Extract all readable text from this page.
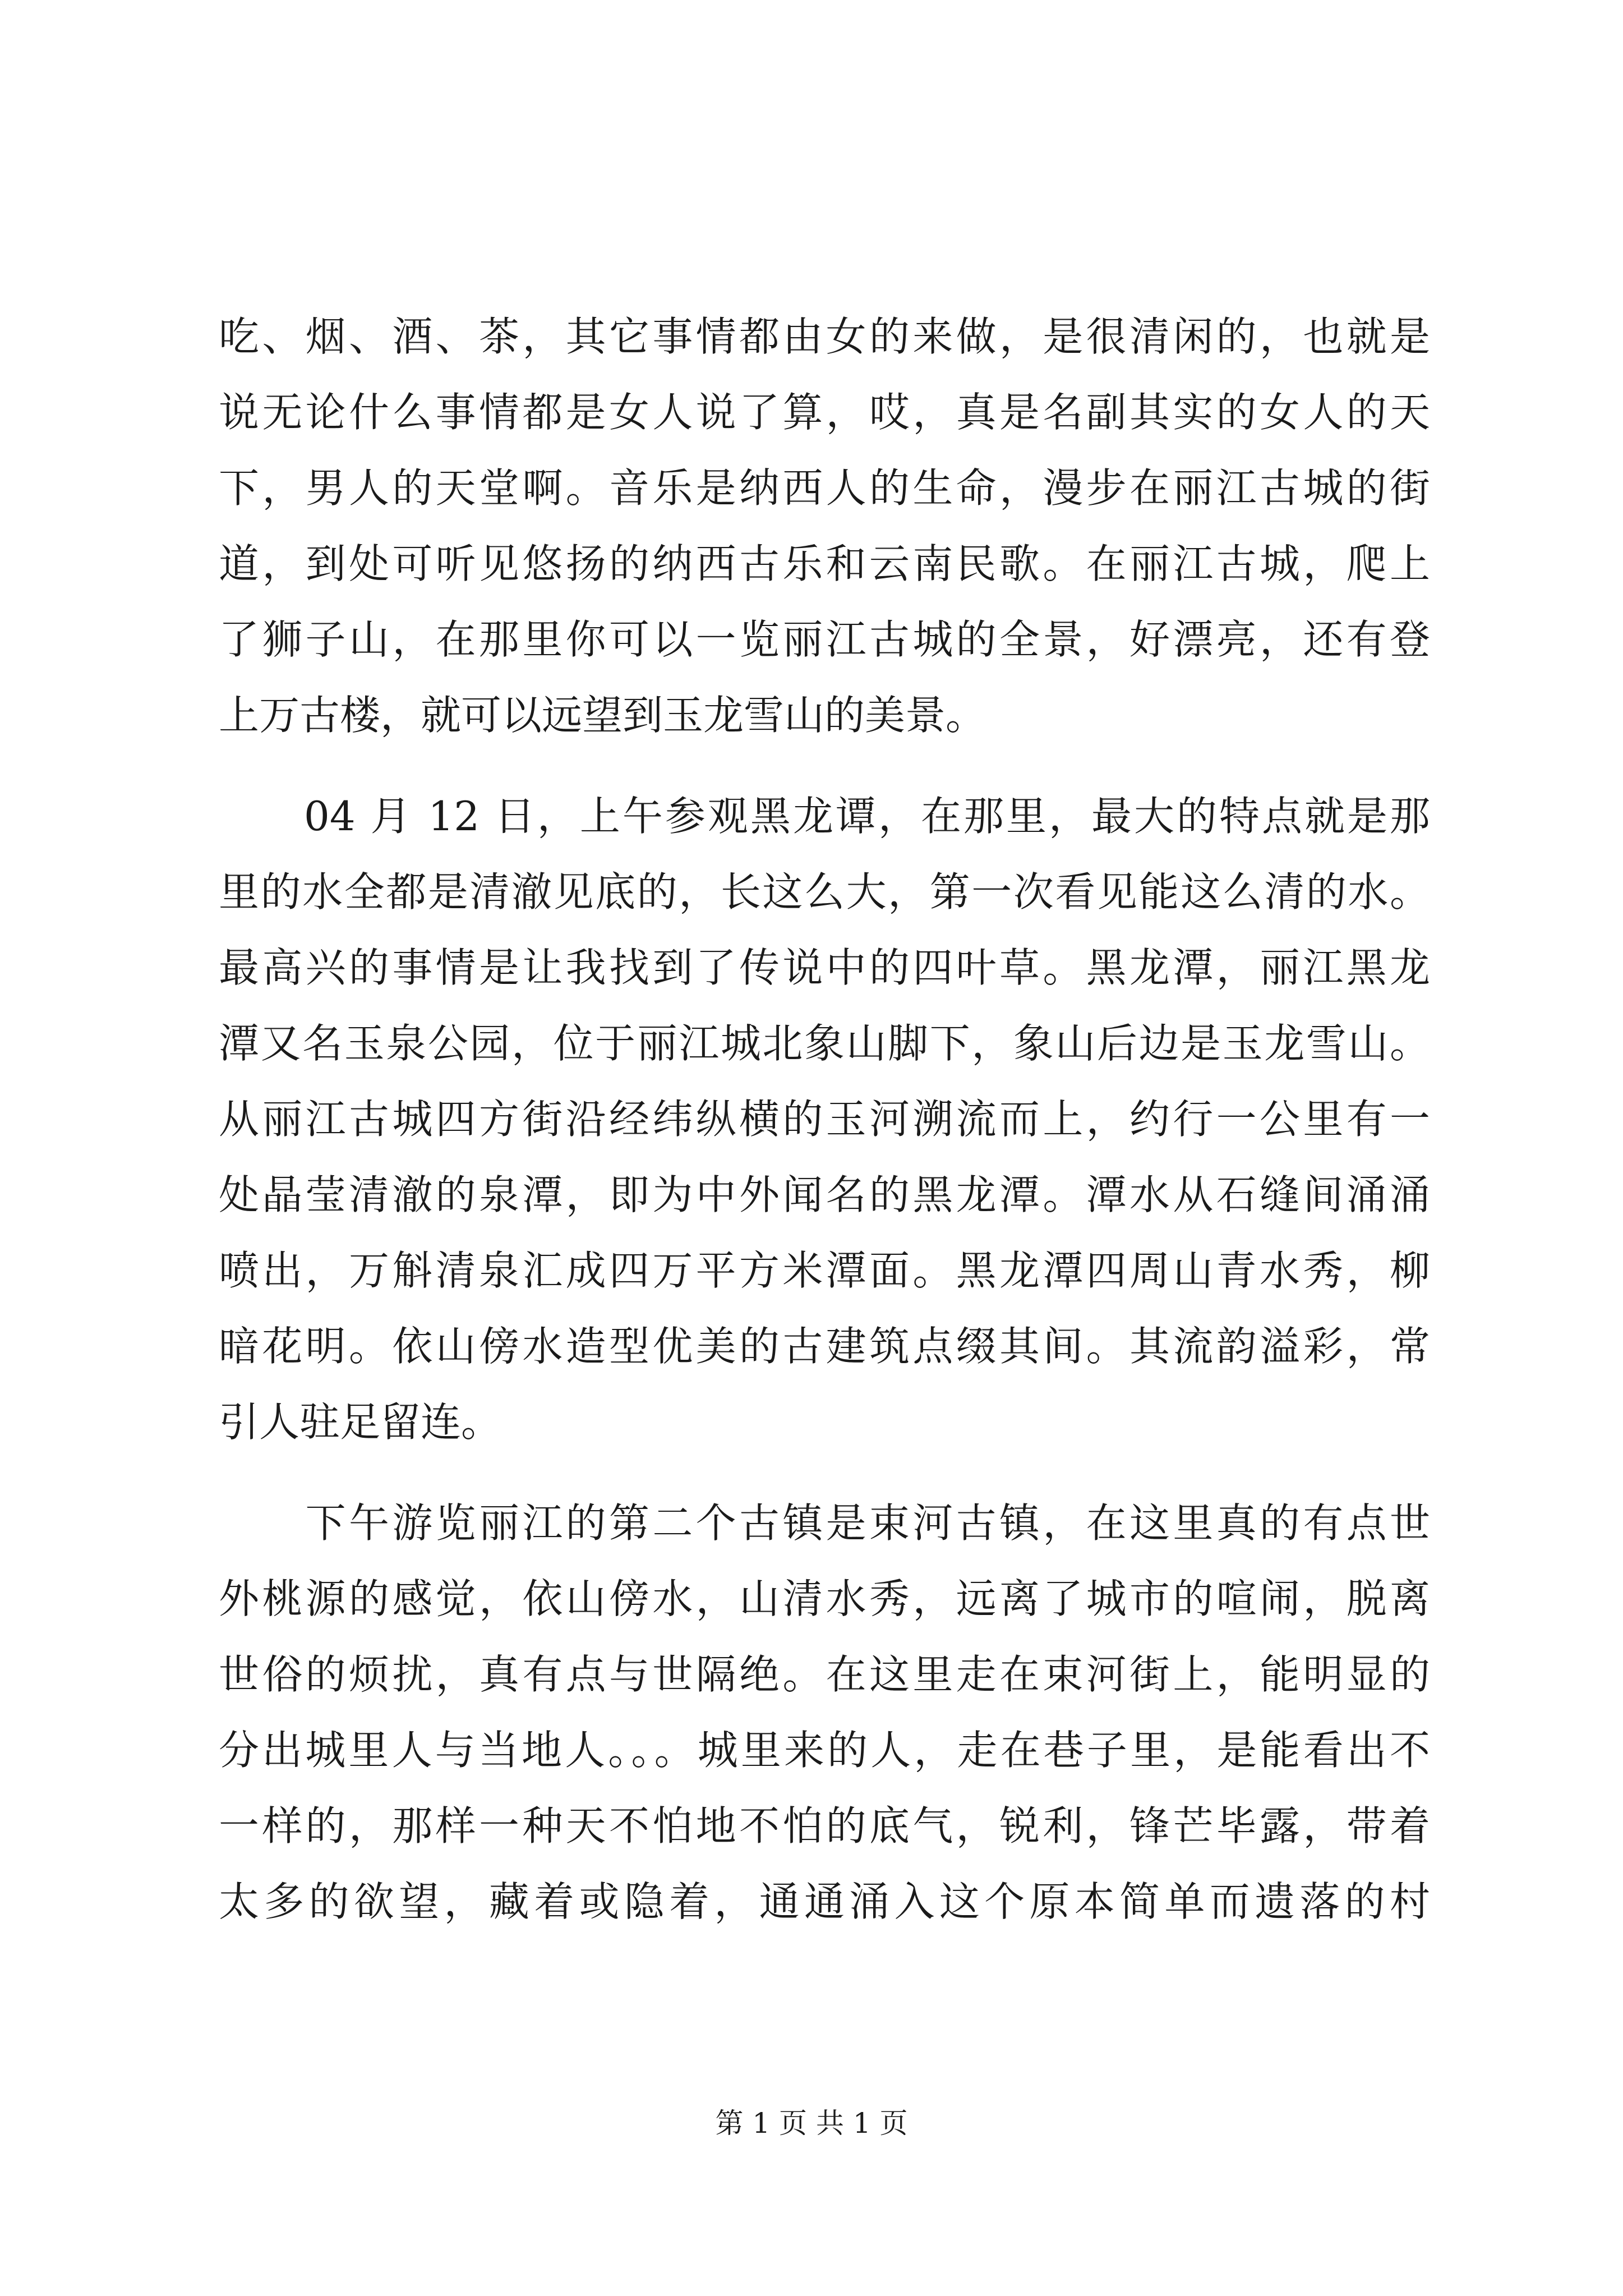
吃、烟、酒、茶，其它事情都由女的来做，是很清闲的，也就是
说无论什么事情都是女人说了算，哎，真是名副其实的女人的天
下，男人的天堂啊。音乐是纳西人的生命，漫步在丽江古城的街
道，到处可听见悠扬的纳西古乐和云南民歌。在丽江古城，爬上
了狮子山，在那里你可以一览丽江古城的全景，好漂亮，还有登
上万古楼，就可以远望到玉龙雪山的美景。
　　04 月 12 日，上午参观黑龙谭，在那里，最大的特点就是那
里的水全都是清澈见底的，长这么大，第一次看见能这么清的水。
最高兴的事情是让我找到了传说中的四叶草。黑龙潭，丽江黑龙
潭又名玉泉公园，位于丽江城北象山脚下，象山后边是玉龙雪山。
从丽江古城四方街沿经纬纵横的玉河溯流而上，约行一公里有一
处晶莹清澈的泉潭，即为中外闻名的黑龙潭。潭水从石缝间涌涌
喷出，万斛清泉汇成四万平方米潭面。黑龙潭四周山青水秀，柳
暗花明。依山傍水造型优美的古建筑点缀其间。其流韵溢彩，常
引人驻足留连。
　　下午游览丽江的第二个古镇是束河古镇，在这里真的有点世
外桃源的感觉，依山傍水，山清水秀，远离了城市的喧闹，脱离
世俗的烦扰，真有点与世隔绝。在这里走在束河街上，能明显的
分出城里人与当地人。。。城里来的人，走在巷子里，是能看出不
一样的，那样一种天不怕地不怕的底气，锐利，锋芒毕露，带着
太多的欲望，藏着或隐着，通通涌入这个原本简单而遗落的村
第 1 页 共 1 页
